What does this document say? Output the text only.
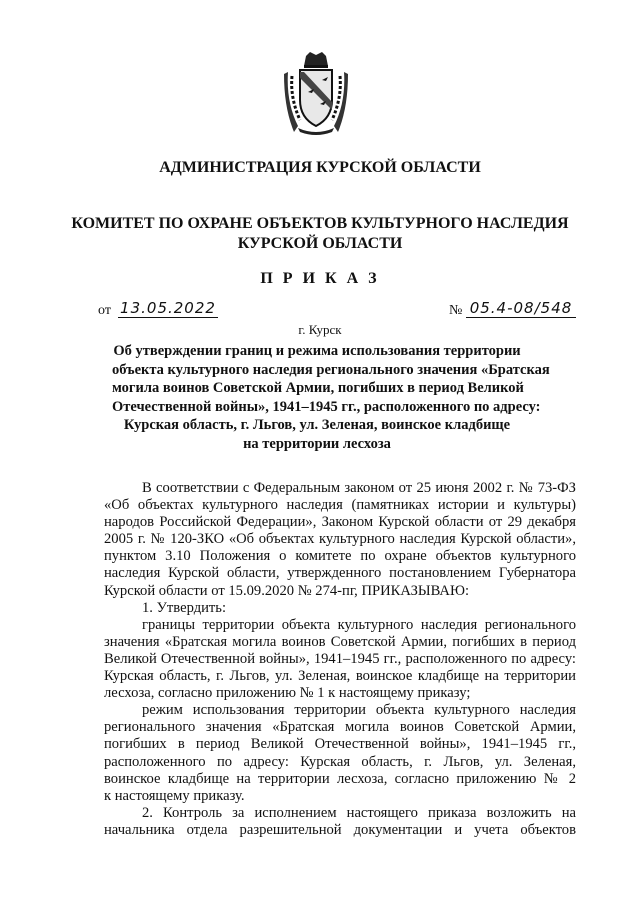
АДМИНИСТРАЦИЯ КУРСКОЙ ОБЛАСТИ
КОМИТЕТ ПО ОХРАНЕ ОБЪЕКТОВ КУЛЬТУРНОГО НАСЛЕДИЯ
КУРСКОЙ ОБЛАСТИ
П Р И К А З
от 13.05.2022	№ 05.4-08/548
г. Курск
Об утверждении границ и режима использования территории
объекта культурного наследия регионального значения «Братская
могила воинов Советской Армии, погибших в период Великой
Отечественной войны», 1941–1945 гг., расположенного по адресу:
Курская область, г. Льгов, ул. Зеленая, воинское кладбище
на территории лесхоза
В соответствии с Федеральным законом от 25 июня 2002 г. № 73-ФЗ
«Об объектах культурного наследия (памятниках истории и культуры)
народов Российской Федерации», Законом Курской области от 29 декабря
2005 г. № 120-ЗКО «Об объектах культурного наследия Курской области»,
пунктом 3.10 Положения о комитете по охране объектов культурного
наследия Курской области, утвержденного постановлением Губернатора
Курской области от 15.09.2020 № 274-пг, ПРИКАЗЫВАЮ:
1. Утвердить:
границы территории объекта культурного наследия регионального
значения «Братская могила воинов Советской Армии, погибших в период
Великой Отечественной войны», 1941–1945 гг., расположенного по адресу:
Курская область, г. Льгов, ул. Зеленая, воинское кладбище на территории
лесхоза, согласно приложению № 1 к настоящему приказу;
режим использования территории объекта культурного наследия
регионального значения «Братская могила воинов Советской Армии,
погибших в период Великой Отечественной войны», 1941–1945 гг.,
расположенного по адресу: Курская область, г. Льгов, ул. Зеленая,
воинское кладбище на территории лесхоза, согласно приложению № 2
к настоящему приказу.
2. Контроль за исполнением настоящего приказа возложить на
начальника отдела разрешительной документации и учета объектов
